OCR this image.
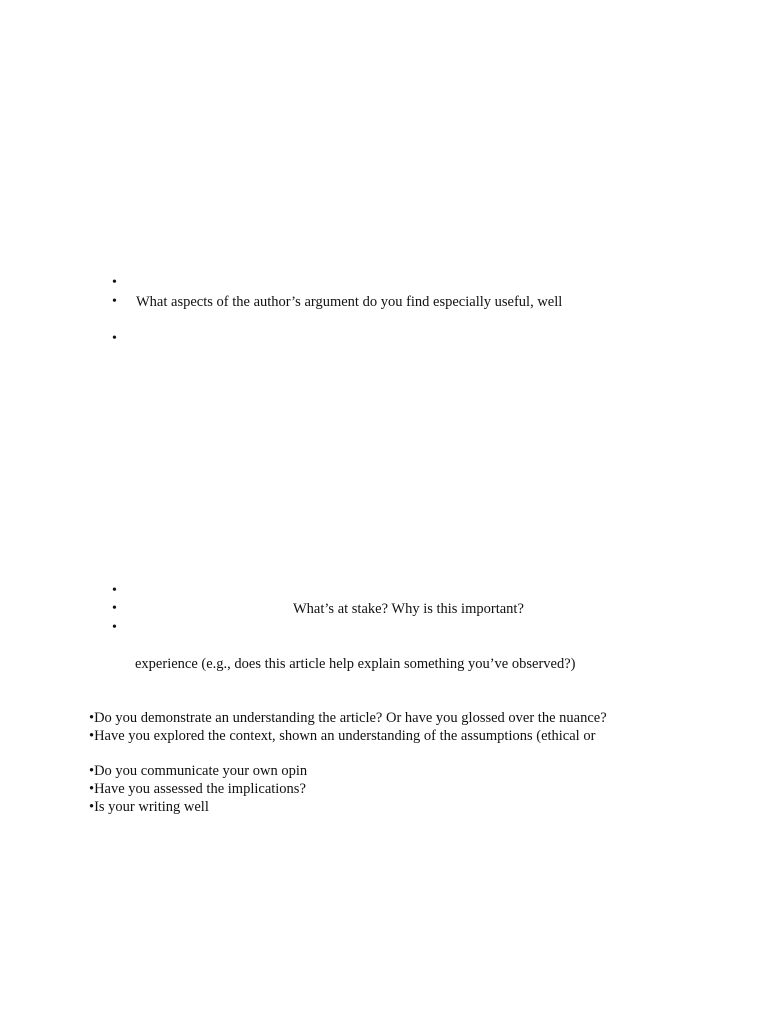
•
• What aspects of the author’s argument do you find especially useful, well
•
•
•	What’s at stake? Why is this important?
•
experience (e.g., does this article help explain something you’ve observed?)
•Do you demonstrate an understanding the article? Or have you glossed over the nuance?
•Have you explored the context, shown an understanding of the assumptions (ethical or
•Do you communicate your own opin
•Have you assessed the implications?
•Is your writing well
